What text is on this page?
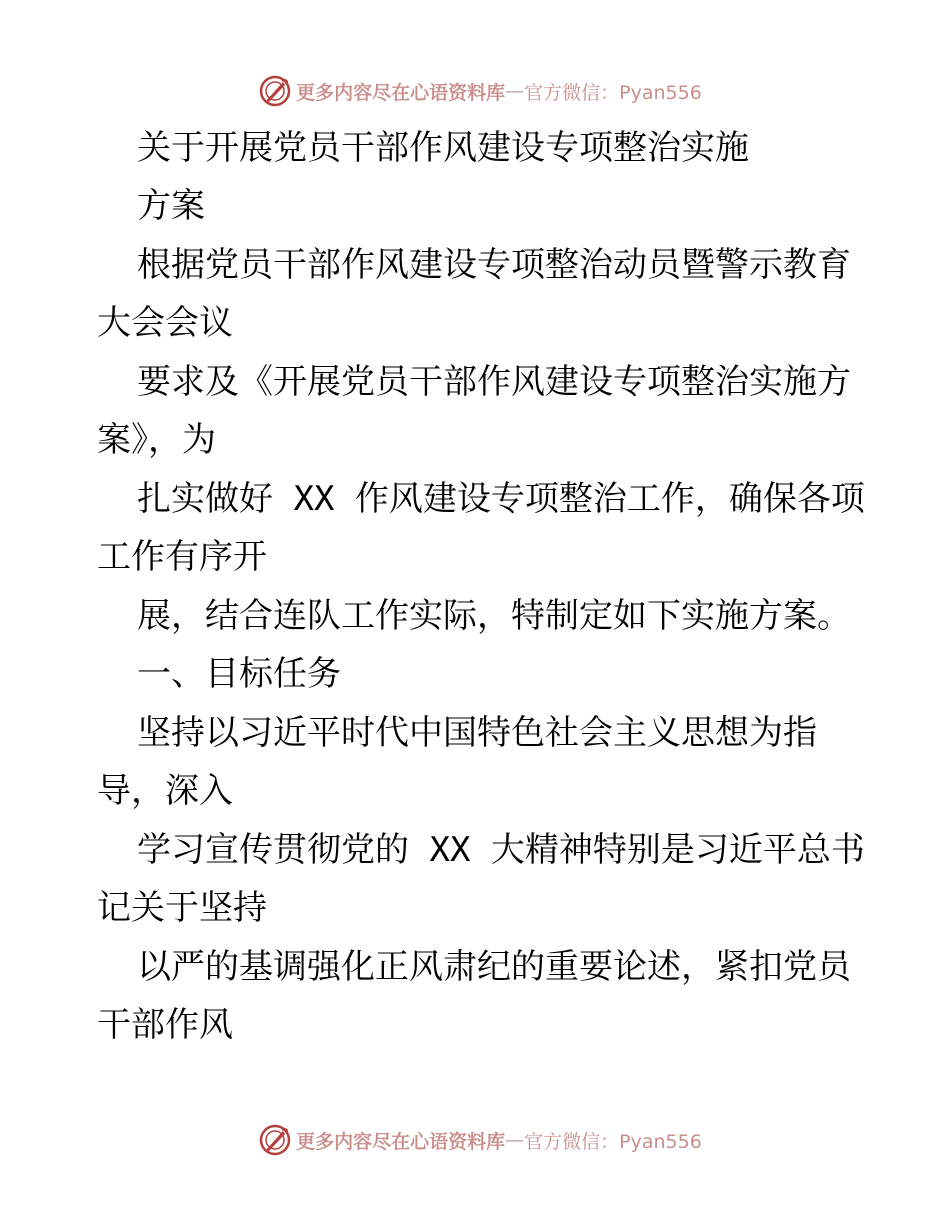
更多内容尽在心语资料库 — 官方微信：Pyan556
关于开展党员干部作风建设专项整治实施
方案
根据党员干部作风建设专项整治动员暨警示教育
大会会议
要求及《开展党员干部作风建设专项整治实施方
案》，为
扎实做好 XX 作风建设专项整治工作，确保各项
工作有序开
展，结合连队工作实际，特制定如下实施方案。
一、目标任务
坚持以习近平时代中国特色社会主义思想为指
导，深入
学习宣传贯彻党的 XX 大精神特别是习近平总书
记关于坚持
以严的基调强化正风肃纪的重要论述，紧扣党员
干部作风
更多内容尽在心语资料库 — 官方微信：Pyan556
